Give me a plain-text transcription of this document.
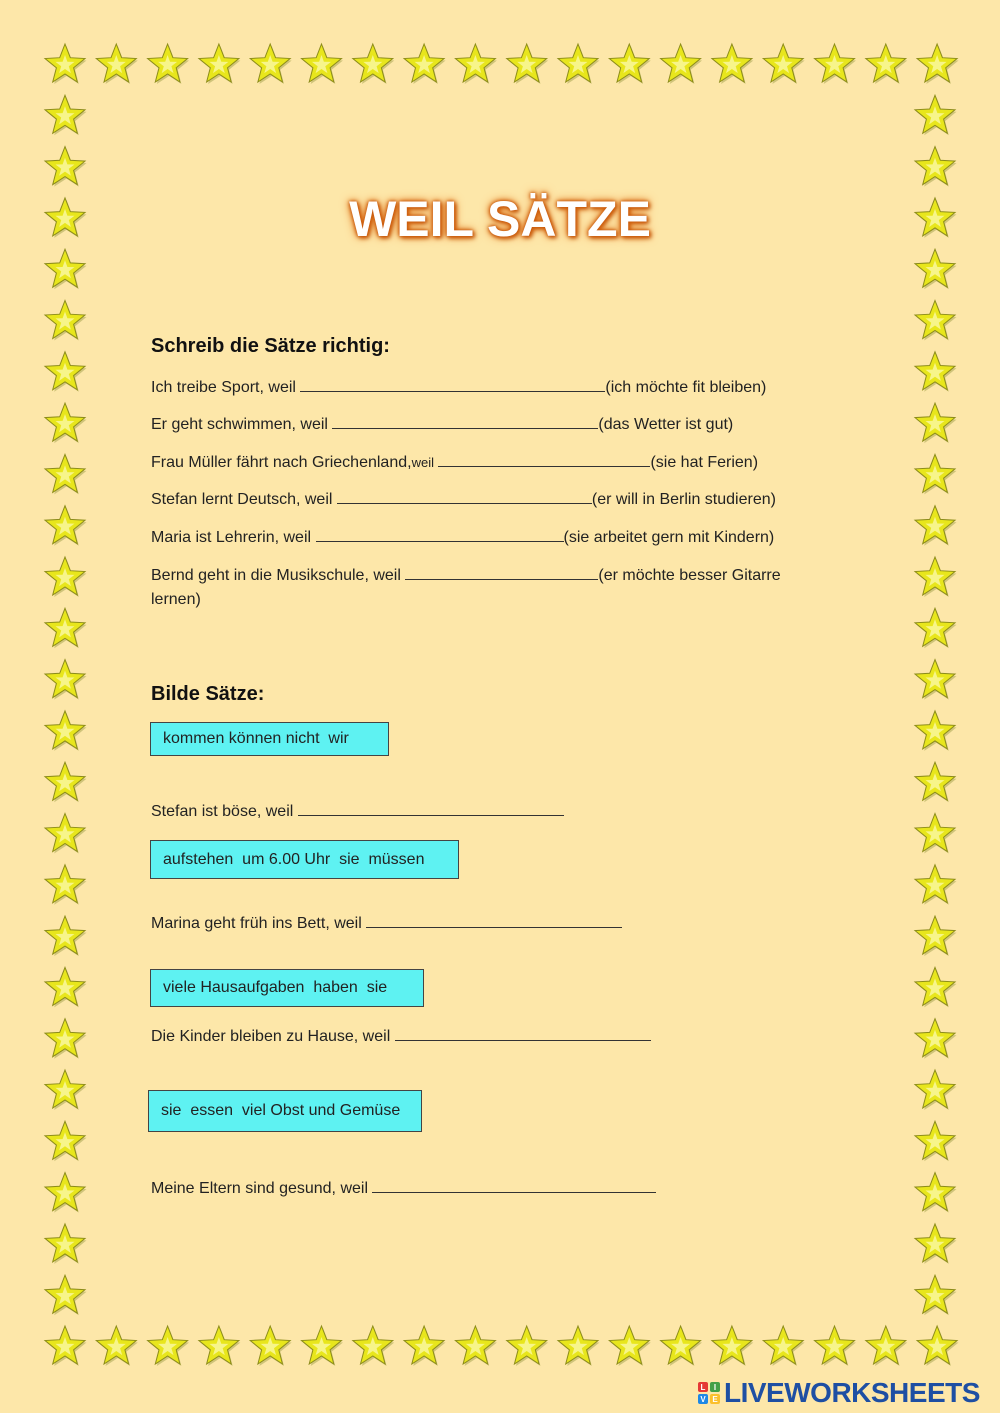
WEIL SÄTZE
Schreib die Sätze richtig:
Ich treibe Sport, weil	(ich möchte fit bleiben)
Er geht schwimmen, weil	(das Wetter ist gut)
Frau Müller fährt nach Griechenland,weil	(sie hat Ferien)
Stefan lernt Deutsch, weil	(er will in Berlin studieren)
Maria ist Lehrerin, weil	(sie arbeitet gern mit Kindern)
Bernd geht in die Musikschule, weil	(er möchte besser Gitarre
lernen)
Bilde Sätze:
kommen können nicht  wir
Stefan ist böse, weil
aufstehen  um 6.00 Uhr  sie  müssen
Marina geht früh ins Bett, weil
viele Hausaufgaben  haben  sie
Die Kinder bleiben zu Hause, weil
sie  essen  viel Obst und Gemüse
Meine Eltern sind gesund, weil
L	I
V E LIVEWORKSHEETS
